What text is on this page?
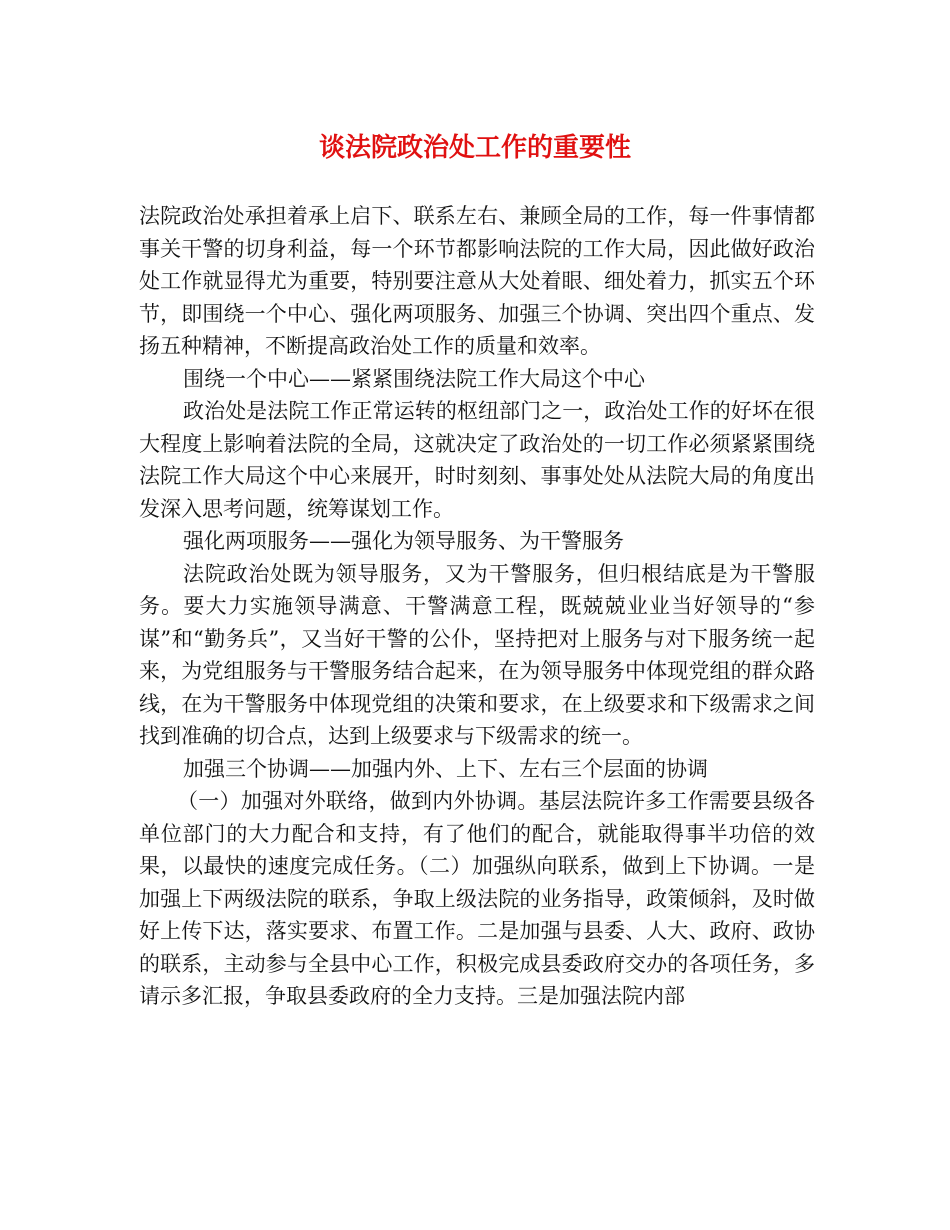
谈法院政治处工作的重要性

法院政治处承担着承上启下、联系左右、兼顾全局的工作，每一件事情都事关干警的切身利益，每一个环节都影响法院的工作大局，因此做好政治处工作就显得尤为重要，特别要注意从大处着眼、细处着力，抓实五个环节，即围绕一个中心、强化两项服务、加强三个协调、突出四个重点、发扬五种精神，不断提高政治处工作的质量和效率。

围绕一个中心——紧紧围绕法院工作大局这个中心

政治处是法院工作正常运转的枢纽部门之一，政治处工作的好坏在很大程度上影响着法院的全局，这就决定了政治处的一切工作必须紧紧围绕法院工作大局这个中心来展开，时时刻刻、事事处处从法院大局的角度出发深入思考问题，统筹谋划工作。

强化两项服务——强化为领导服务、为干警服务

法院政治处既为领导服务，又为干警服务，但归根结底是为干警服务。要大力实施领导满意、干警满意工程，既兢兢业业当好领导的“参谋”和“勤务兵”，又当好干警的公仆，坚持把对上服务与对下服务统一起来，为党组服务与干警服务结合起来，在为领导服务中体现党组的群众路线，在为干警服务中体现党组的决策和要求，在上级要求和下级需求之间找到准确的切合点，达到上级要求与下级需求的统一。

加强三个协调——加强内外、上下、左右三个层面的协调

（一）加强对外联络，做到内外协调。基层法院许多工作需要县级各单位部门的大力配合和支持，有了他们的配合，就能取得事半功倍的效果，以最快的速度完成任务。（二）加强纵向联系，做到上下协调。一是加强上下两级法院的联系，争取上级法院的业务指导，政策倾斜，及时做好上传下达，落实要求、布置工作。二是加强与县委、人大、政府、政协的联系，主动参与全县中心工作，积极完成县委政府交办的各项任务，多请示多汇报，争取县委政府的全力支持。三是加强法院内部
